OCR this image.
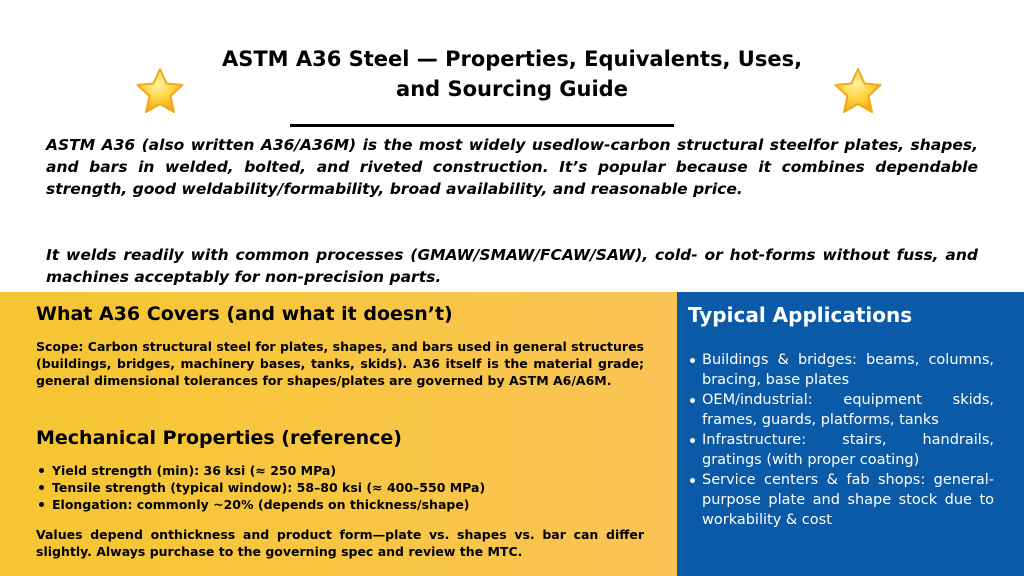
ASTM A36 Steel — Properties, Equivalents, Uses, and Sourcing Guide

ASTM A36 (also written A36/A36M) is the most widely usedlow-carbon structural steelfor plates, shapes, and bars in welded, bolted, and riveted construction. It’s popular because it combines dependable strength, good weldability/formability, broad availability, and reasonable price.

It welds readily with common processes (GMAW/SMAW/FCAW/SAW), cold- or hot-forms without fuss, and machines acceptably for non-precision parts.

What A36 Covers (and what it doesn’t)

Scope: Carbon structural steel for plates, shapes, and bars used in general structures (buildings, bridges, machinery bases, tanks, skids). A36 itself is the material grade; general dimensional tolerances for shapes/plates are governed by ASTM A6/A6M.

Mechanical Properties (reference)
Yield strength (min): 36 ksi (≈ 250 MPa)
Tensile strength (typical window): 58–80 ksi (≈ 400–550 MPa)
Elongation: commonly ~20% (depends on thickness/shape)

Values depend onthickness and product form—plate vs. shapes vs. bar can differ slightly. Always purchase to the governing spec and review the MTC.

Typical Applications
Buildings & bridges: beams, columns, bracing, base plates
OEM/industrial: equipment skids, frames, guards, platforms, tanks
Infrastructure: stairs, handrails, gratings (with proper coating)
Service centers & fab shops: general-purpose plate and shape stock due to workability & cost
